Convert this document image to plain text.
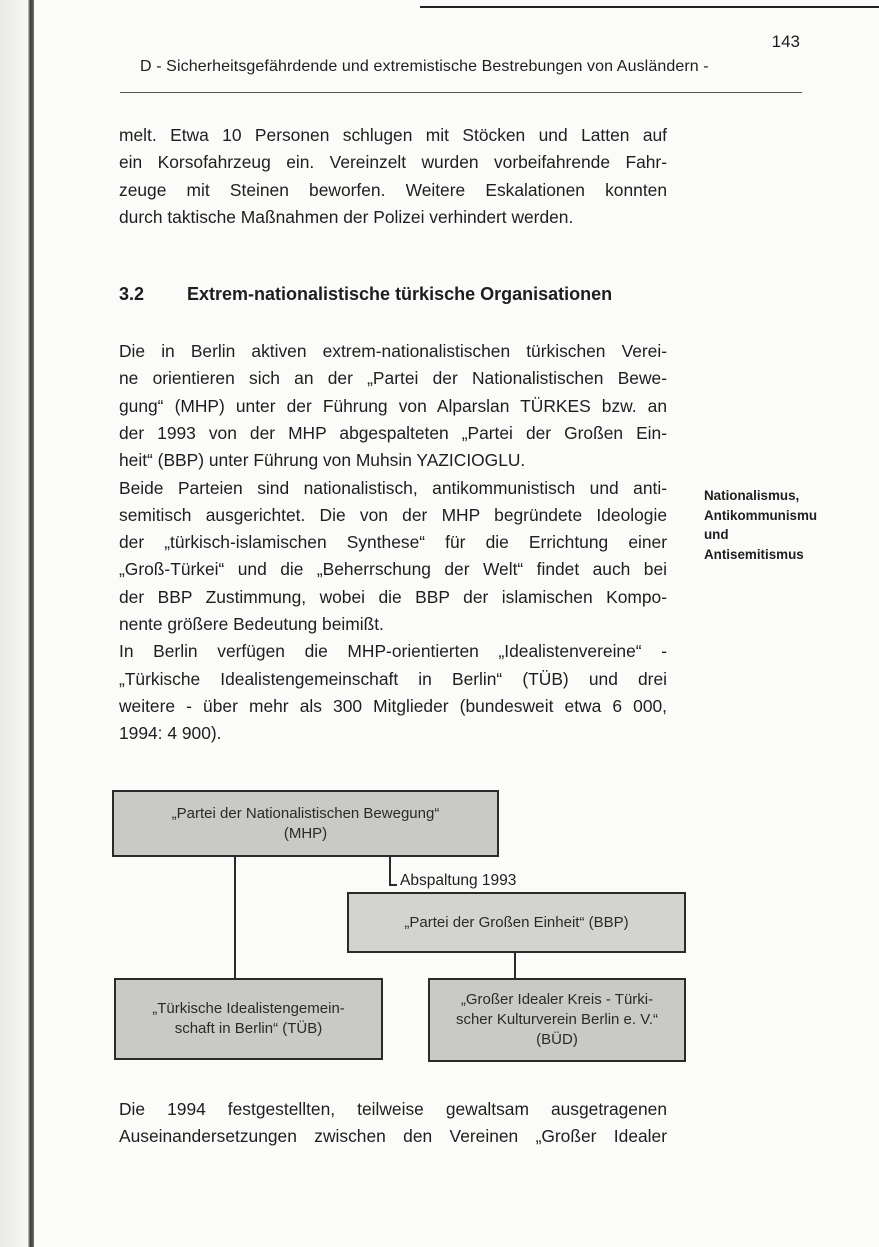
143
D - Sicherheitsgefährdende und extremistische Bestrebungen von Ausländern -
melt. Etwa 10 Personen schlugen mit Stöcken und Latten auf
ein Korsofahrzeug ein. Vereinzelt wurden vorbeifahrende Fahr-
zeuge mit Steinen beworfen. Weitere Eskalationen konnten
durch taktische Maßnahmen der Polizei verhindert werden.
3.2 Extrem-nationalistische türkische Organisationen
Die in Berlin aktiven extrem-nationalistischen türkischen Verei-
ne orientieren sich an der „Partei der Nationalistischen Bewe-
gung“ (MHP) unter der Führung von Alparslan TÜRKES bzw. an
der 1993 von der MHP abgespalteten „Partei der Großen Ein-
heit“ (BBP) unter Führung von Muhsin YAZICIOGLU.
Beide Parteien sind nationalistisch, antikommunistisch und anti-
semitisch ausgerichtet. Die von der MHP begründete Ideologie
der „türkisch-islamischen Synthese“ für die Errichtung einer
„Groß-Türkei“ und die „Beherrschung der Welt“ findet auch bei
der BBP Zustimmung, wobei die BBP der islamischen Kompo-
nente größere Bedeutung beimißt.
In Berlin verfügen die MHP-orientierten „Idealistenvereine“ -
„Türkische Idealistengemeinschaft in Berlin“ (TÜB) und drei
weitere - über mehr als 300 Mitglieder (bundesweit etwa 6 000,
1994: 4 900).
Nationalismus,
Antikommunismu
und
Antisemitismus
„Partei der Nationalistischen Bewegung“
(MHP)
Abspaltung 1993
„Partei der Großen Einheit“ (BBP)
„Türkische Idealistengemein-
schaft in Berlin“ (TÜB)
„Großer Idealer Kreis - Türki-
scher Kulturverein Berlin e. V.“
(BÜD)
Die 1994 festgestellten, teilweise gewaltsam ausgetragenen
Auseinandersetzungen zwischen den Vereinen „Großer Idealer
